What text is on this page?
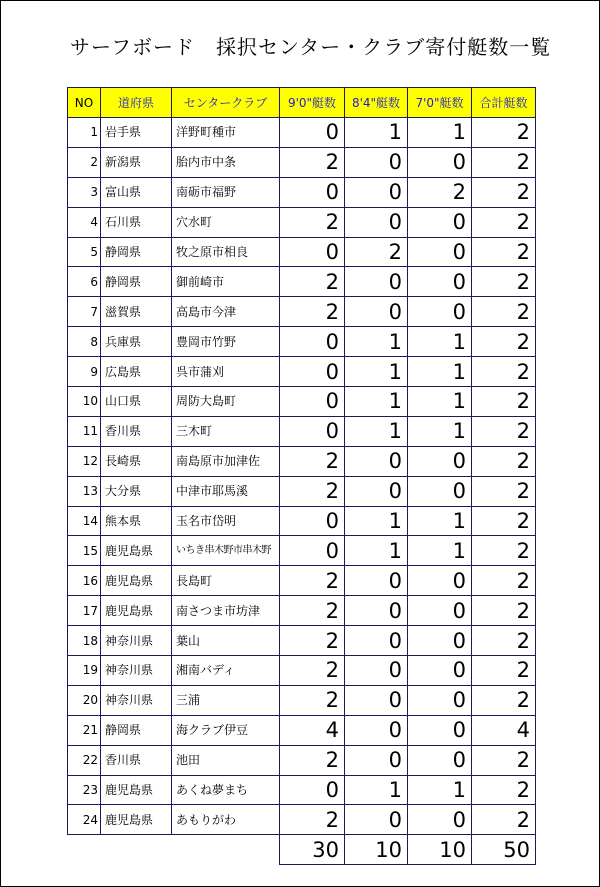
サーフボード　採択センター・クラブ寄付艇数一覧
NO	道府県	センタークラブ	9'0"艇数	8'4"艇数	7'0"艇数	合計艇数
1	岩手県	洋野町種市	0	1	1	2
2	新潟県	胎内市中条	2	0	0	2
3	富山県	南砺市福野	0	0	2	2
4	石川県	穴水町	2	0	0	2
5	静岡県	牧之原市相良	0	2	0	2
6	静岡県	御前崎市	2	0	0	2
7	滋賀県	高島市今津	2	0	0	2
8	兵庫県	豊岡市竹野	0	1	1	2
9	広島県	呉市蒲刈	0	1	1	2
10	山口県	周防大島町	0	1	1	2
11	香川県	三木町	0	1	1	2
12	長崎県	南島原市加津佐	2	0	0	2
13	大分県	中津市耶馬溪	2	0	0	2
14	熊本県	玉名市岱明	0	1	1	2
15	鹿児島県	いちき串木野市串木野	0	1	1	2
16	鹿児島県	長島町	2	0	0	2
17	鹿児島県	南さつま市坊津	2	0	0	2
18	神奈川県	葉山	2	0	0	2
19	神奈川県	湘南バディ	2	0	0	2
20	神奈川県	三浦	2	0	0	2
21	静岡県	海クラブ伊豆	4	0	0	4
22	香川県	池田	2	0	0	2
23	鹿児島県	あくね夢まち	0	1	1	2
24	鹿児島県	あもりがわ	2	0	0	2
			30	10	10	50
